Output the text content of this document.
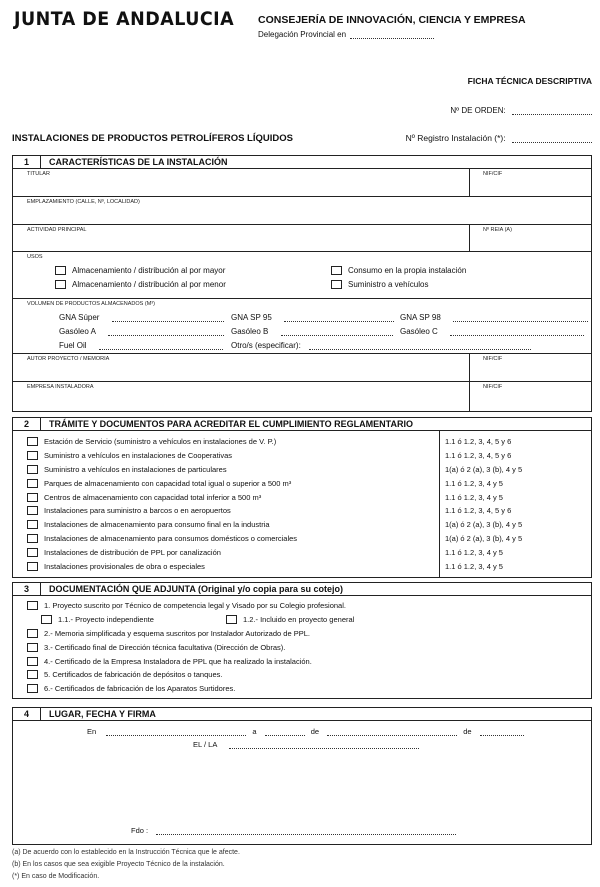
JUNTA DE ANDALUCIA CONSEJERÍA DE INNOVACIÓN, CIENCIA Y EMPRESA
Delegación Provincial en
FICHA TÉCNICA DESCRIPTIVA
Nº DE ORDEN:
INSTALACIONES DE PRODUCTOS PETROLÍFEROS LÍQUIDOS	Nº Registro Instalación (*):
1	CARACTERÍSTICAS DE LA INSTALACIÓN
TITULAR	NIF/CIF
EMPLAZAMIENTO (CALLE, Nº, LOCALIDAD)
ACTIVIDAD PRINCIPAL	Nº REIA (A)
USOS
Almacenamiento / distribución al por mayor
Almacenamiento / distribución al por menor
Consumo en la propia instalación
Suministro a vehículos
VOLUMEN DE PRODUCTOS ALMACENADOS (M³)
GNA Súper	GNA SP 95	GNA SP 98
Gasóleo A	Gasóleo B	Gasóleo C
Fuel Oil	Otro/s (especificar):
AUTOR PROYECTO / MEMORIA	NIF/CIF
EMPRESA INSTALADORA	NIF/CIF
2	TRÁMITE Y DOCUMENTOS PARA ACREDITAR EL CUMPLIMIENTO REGLAMENTARIO
Estación de Servicio (suministro a vehículos en instalaciones de V. P.)	1.1 ó 1.2, 3, 4, 5 y 6
Suministro a vehículos en instalaciones de Cooperativas	1.1 ó 1.2, 3, 4, 5 y 6
Suministro a vehículos en instalaciones de particulares	1(a) ó 2 (a), 3 (b), 4 y 5
Parques de almacenamiento con capacidad total igual o superior a 500 m³	1.1 ó 1.2, 3, 4 y 5
Centros de almacenamiento con capacidad total inferior a 500 m³	1.1 ó 1.2, 3, 4 y 5
Instalaciones para suministro a barcos o en aeropuertos	1.1 ó 1.2, 3, 4, 5 y 6
Instalaciones de almacenamiento para consumo final en la industria	1(a) ó 2 (a), 3 (b), 4 y 5
Instalaciones de almacenamiento para consumos domésticos o comerciales	1(a) ó 2 (a), 3 (b), 4 y 5
Instalaciones de distribución de PPL por canalización	1.1 ó 1.2, 3, 4 y 5
Instalaciones provisionales de obra o especiales	1.1 ó 1.2, 3, 4 y 5
3	DOCUMENTACIÓN QUE ADJUNTA (Original y/o copia para su cotejo)
1. Proyecto suscrito por Técnico de competencia legal y Visado por su Colegio profesional.
1.1.- Proyecto independiente	1.2.- Incluido en proyecto general
2.- Memoria simplificada y esquema suscritos por Instalador Autorizado de PPL.
3.- Certificado final de Dirección técnica facultativa (Dirección de Obras).
4.- Certificado de la Empresa Instaladora de PPL que ha realizado la instalación.
5. Certificados de fabricación de depósitos o tanques.
6.- Certificados de fabricación de los Aparatos Surtidores.
4	LUGAR, FECHA Y FIRMA
En	a	de	de
EL / LA
Fdo :
(a) De acuerdo con lo establecido en la Instrucción Técnica que le afecte.
(b) En los casos que sea exigible Proyecto Técnico de la instalación.
(*) En caso de Modificación.
